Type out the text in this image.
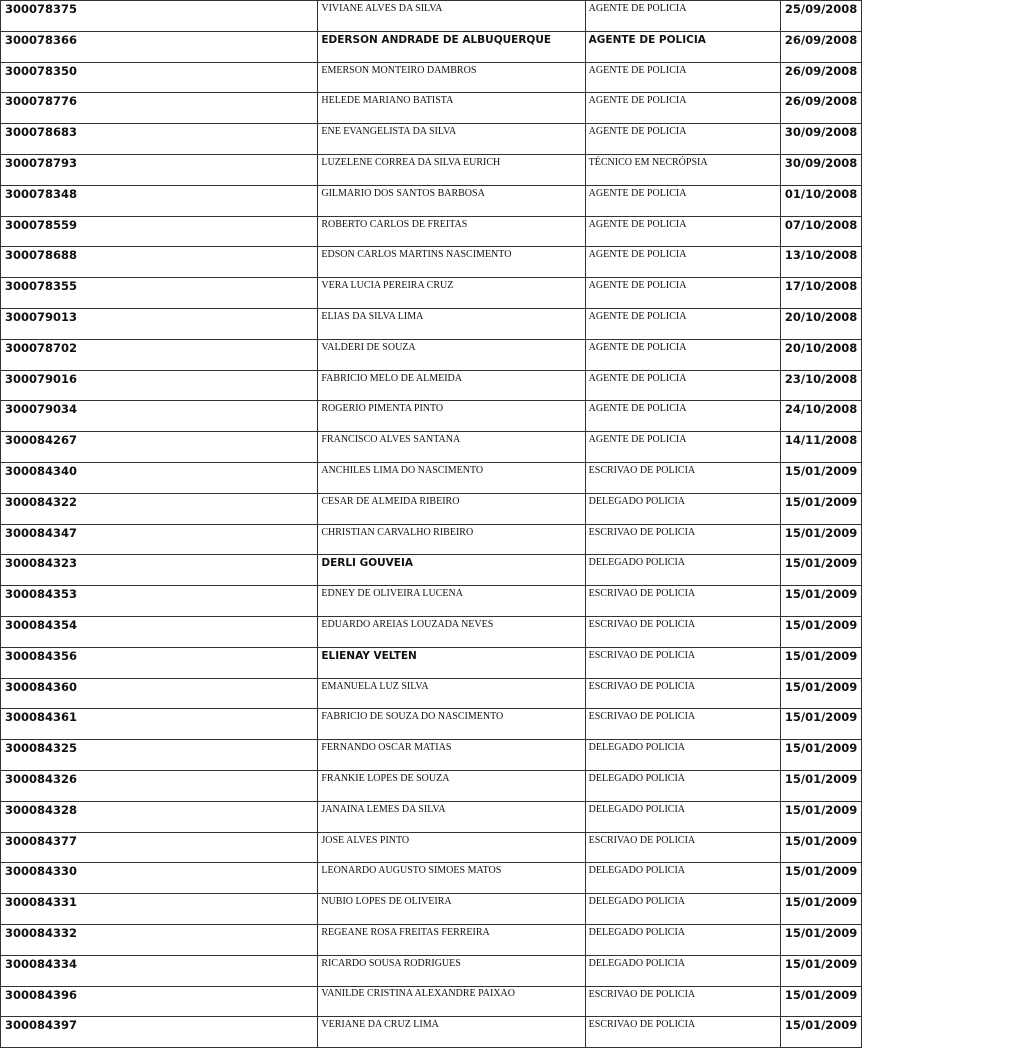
300078375	VIVIANE ALVES DA SILVA	AGENTE DE POLICIA	25/09/2008
300078366	EDERSON ANDRADE DE ALBUQUERQUE	AGENTE DE POLICIA	26/09/2008
300078350	EMERSON MONTEIRO DAMBROS	AGENTE DE POLICIA	26/09/2008
300078776	HELEDE MARIANO BATISTA	AGENTE DE POLICIA	26/09/2008
300078683	ENE EVANGELISTA DA SILVA	AGENTE DE POLICIA	30/09/2008
300078793	LUZELENE CORREA DA SILVA EURICH	TÉCNICO EM NECRÓPSIA	30/09/2008
300078348	GILMARIO DOS SANTOS BARBOSA	AGENTE DE POLICIA	01/10/2008
300078559	ROBERTO CARLOS DE FREITAS	AGENTE DE POLICIA	07/10/2008
300078688	EDSON CARLOS MARTINS NASCIMENTO	AGENTE DE POLICIA	13/10/2008
300078355	VERA LUCIA PEREIRA CRUZ	AGENTE DE POLICIA	17/10/2008
300079013	ELIAS DA SILVA LIMA	AGENTE DE POLICIA	20/10/2008
300078702	VALDERI DE SOUZA	AGENTE DE POLICIA	20/10/2008
300079016	FABRICIO MELO DE ALMEIDA	AGENTE DE POLICIA	23/10/2008
300079034	ROGERIO PIMENTA PINTO	AGENTE DE POLICIA	24/10/2008
300084267	FRANCISCO ALVES SANTANA	AGENTE DE POLICIA	14/11/2008
300084340	ANCHILES LIMA DO NASCIMENTO	ESCRIVAO DE POLICIA	15/01/2009
300084322	CESAR DE ALMEIDA RIBEIRO	DELEGADO POLICIA	15/01/2009
300084347	CHRISTIAN CARVALHO RIBEIRO	ESCRIVAO DE POLICIA	15/01/2009
300084323	DERLI GOUVEIA	DELEGADO POLICIA	15/01/2009
300084353	EDNEY DE OLIVEIRA LUCENA	ESCRIVAO DE POLICIA	15/01/2009
300084354	EDUARDO AREIAS LOUZADA NEVES	ESCRIVAO DE POLICIA	15/01/2009
300084356	ELIENAY VELTEN	ESCRIVAO DE POLICIA	15/01/2009
300084360	EMANUELA LUZ SILVA	ESCRIVAO DE POLICIA	15/01/2009
300084361	FABRICIO DE SOUZA DO NASCIMENTO	ESCRIVAO DE POLICIA	15/01/2009
300084325	FERNANDO OSCAR MATIAS	DELEGADO POLICIA	15/01/2009
300084326	FRANKIE LOPES DE SOUZA	DELEGADO POLICIA	15/01/2009
300084328	JANAINA LEMES DA SILVA	DELEGADO POLICIA	15/01/2009
300084377	JOSE ALVES PINTO	ESCRIVAO DE POLICIA	15/01/2009
300084330	LEONARDO AUGUSTO SIMOES MATOS	DELEGADO POLICIA	15/01/2009
300084331	NUBIO LOPES DE OLIVEIRA	DELEGADO POLICIA	15/01/2009
300084332	REGEANE ROSA FREITAS FERREIRA	DELEGADO POLICIA	15/01/2009
300084334	RICARDO SOUSA RODRIGUES	DELEGADO POLICIA	15/01/2009
300084396	VANILDE CRISTINA ALEXANDRE PAIXAO	ESCRIVAO DE POLICIA	15/01/2009
300084397	VERIANE DA CRUZ LIMA	ESCRIVAO DE POLICIA	15/01/2009
